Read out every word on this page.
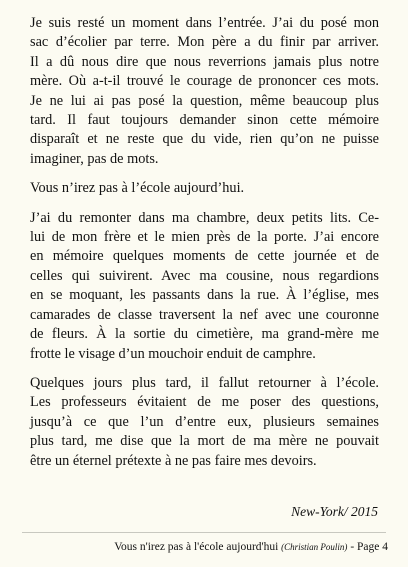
Je suis resté un moment dans l’entrée. J’ai du posé mon
sac d’écolier par terre. Mon père a du finir par arriver.
Il a dû nous dire que nous reverrions jamais plus notre
mère. Où a-t-il trouvé le courage de prononcer ces mots.
Je ne lui ai pas posé la question, même beaucoup plus
tard. Il faut toujours demander sinon cette mémoire
disparaît et ne reste que du vide, rien qu’on ne puisse
imaginer, pas de mots.

Vous n’irez pas à l’école aujourd’hui.

J’ai du remonter dans ma chambre, deux petits lits. Ce-
lui de mon frère et le mien près de la porte. J’ai encore
en mémoire quelques moments de cette journée et de
celles qui suivirent. Avec ma cousine, nous regardions
en se moquant, les passants dans la rue. À l’église, mes
camarades de classe traversent la nef avec une couronne
de fleurs. À la sortie du cimetière, ma grand-mère me
frotte le visage d’un mouchoir enduit de camphre.

Quelques jours plus tard, il fallut retourner à l’école.
Les professeurs évitaient de me poser des questions,
jusqu’à ce que l’un d’entre eux, plusieurs semaines
plus tard, me dise que la mort de ma mère ne pouvait
être un éternel prétexte à ne pas faire mes devoirs.

New-York/ 2015
Vous n'irez pas à l'école aujourd'hui (Christian Poulin) - Page 4
